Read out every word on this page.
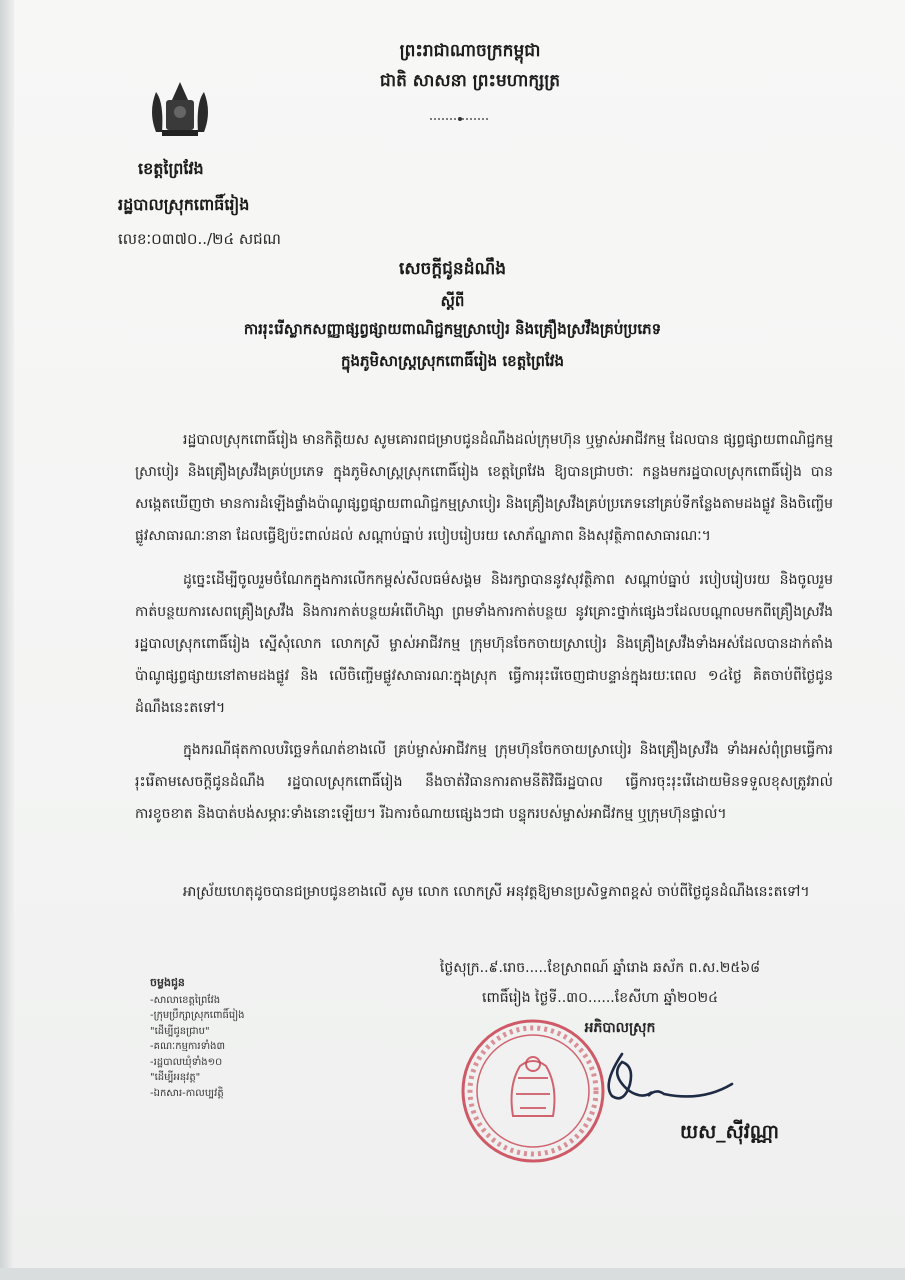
ព្រះរាជាណាចក្រកម្ពុជា
ជាតិ សាសនា ព្រះមហាក្សត្រ
ខេត្តព្រៃវែង
រដ្ឋបាលស្រុកពោធិ៍រៀង
លេខៈ០៣៧០../២៤ សជណ
សេចក្តីជូនដំណឹង
ស្តីពី
ការរុះរើស្លាកសញ្ញាផ្សព្វផ្សាយពាណិជ្ជកម្មស្រាបៀរ និងគ្រឿងស្រវឹងគ្រប់ប្រភេទ
ក្នុងភូមិសាស្ត្រស្រុកពោធិ៍រៀង ខេត្តព្រៃវែង

រដ្ឋបាលស្រុកពោធិ៍រៀង មានកិត្តិយស សូមគោរពជម្រាបជូនដំណឹងដល់ក្រុមហ៊ុន ឬម្ចាស់អាជីវកម្ម ដែលបាន ផ្សព្វផ្សាយពាណិជ្ជកម្មស្រាបៀរ និងគ្រឿងស្រវឹងគ្រប់ប្រភេទ ក្នុងភូមិសាស្ត្រស្រុកពោធិ៍រៀង ខេត្តព្រៃវែង ឱ្យបានជ្រាបថាៈ កន្លងមករដ្ឋបាលស្រុកពោធិ៍រៀង បានសង្កេតឃើញថា មានការដំឡើងផ្ទាំងប៉ាណូផ្សព្វផ្សាយពាណិជ្ជកម្មស្រាបៀរ និងគ្រឿងស្រវឹងគ្រប់ប្រភេទនៅគ្រប់ទីកន្លែងតាមដងផ្លូវ និងចិញ្ចើមផ្លូវសាធារណៈនានា ដែលធ្វើឱ្យប៉ះពាល់ដល់ សណ្តាប់ធ្នាប់ របៀបរៀបរយ សោភ័ណ្ឌភាព និងសុវត្ថិភាពសាធារណៈ។

ដូច្នេះដើម្បីចូលរួមចំណែកក្នុងការលើកកម្ពស់សីលធម៌សង្គម និងរក្សាបាននូវសុវត្ថិភាព សណ្តាប់ធ្នាប់ របៀបរៀបរយ និងចូលរួមកាត់បន្ថយការសេពគ្រឿងស្រវឹង និងការកាត់បន្ថយអំពើហិង្សា ព្រមទាំងការកាត់បន្ថយ នូវគ្រោះថ្នាក់ផ្សេងៗដែលបណ្តាលមកពីគ្រឿងស្រវឹង រដ្ឋបាលស្រុកពោធិ៍រៀង ស្នើសុំលោក លោកស្រី ម្ចាស់អាជីវកម្ម ក្រុមហ៊ុនចែកចាយស្រាបៀរ និងគ្រឿងស្រវឹងទាំងអស់ដែលបានដាក់តាំងប៉ាណូផ្សព្វផ្សាយនៅតាមដងផ្លូវ និង លើចិញ្ចើមផ្លូវសាធារណៈក្នុងស្រុក ធ្វើការរុះរើចេញជាបន្ទាន់ក្នុងរយៈពេល ១៤ថ្ងៃ គិតចាប់ពីថ្ងៃជូនដំណឹងនេះតទៅ។

ក្នុងករណីផុតកាលបរិច្ឆេទកំណត់ខាងលើ គ្រប់ម្ចាស់អាជីវកម្ម ក្រុមហ៊ុនចែកចាយស្រាបៀរ និងគ្រឿងស្រវឹង ទាំងអស់ពុំព្រមធ្វើការរុះរើតាមសេចក្តីជូនដំណឹង រដ្ឋបាលស្រុកពោធិ៍រៀង នឹងចាត់វិធានការតាមនីតិវិធីរដ្ឋបាល ធ្វើការចុះរុះរើដោយមិនទទួលខុសត្រូវរាល់ការខូចខាត និងបាត់បង់សម្ភារៈទាំងនោះឡើយ។ រីឯការចំណាយផ្សេងៗជា បន្ទុករបស់ម្ចាស់អាជីវកម្ម ឬក្រុមហ៊ុនផ្ទាល់។

អាស្រ័យហេតុដូចបានជម្រាបជូនខាងលើ សូម លោក លោកស្រី អនុវត្តឱ្យមានប្រសិទ្ធភាពខ្ពស់ ចាប់ពីថ្ងៃជូនដំណឹងនេះតទៅ។

ថ្ងៃសុក្រ..៩.រោច.....ខែស្រាពណ៍ ឆ្នាំរោង ឆស័ក ព.ស.២៥៦៨
ពោធិ៍រៀង ថ្ងៃទី..៣០......ខែសីហា ឆ្នាំ២០២៤
អភិបាលស្រុក
ចម្លងជូន
-សាលាខេត្តព្រៃវែង
-ក្រុមប្រឹក្សាស្រុកពោធិ៍រៀង
"ដើម្បីជូនជ្រាប"
-គណៈកម្មការទាំង៣
-រដ្ឋបាលឃុំទាំង១០
"ដើម្បីអនុវត្ត"
-ឯកសារ-កាលប្បវត្តិ
យស_ស៊ីវណ្ណា
